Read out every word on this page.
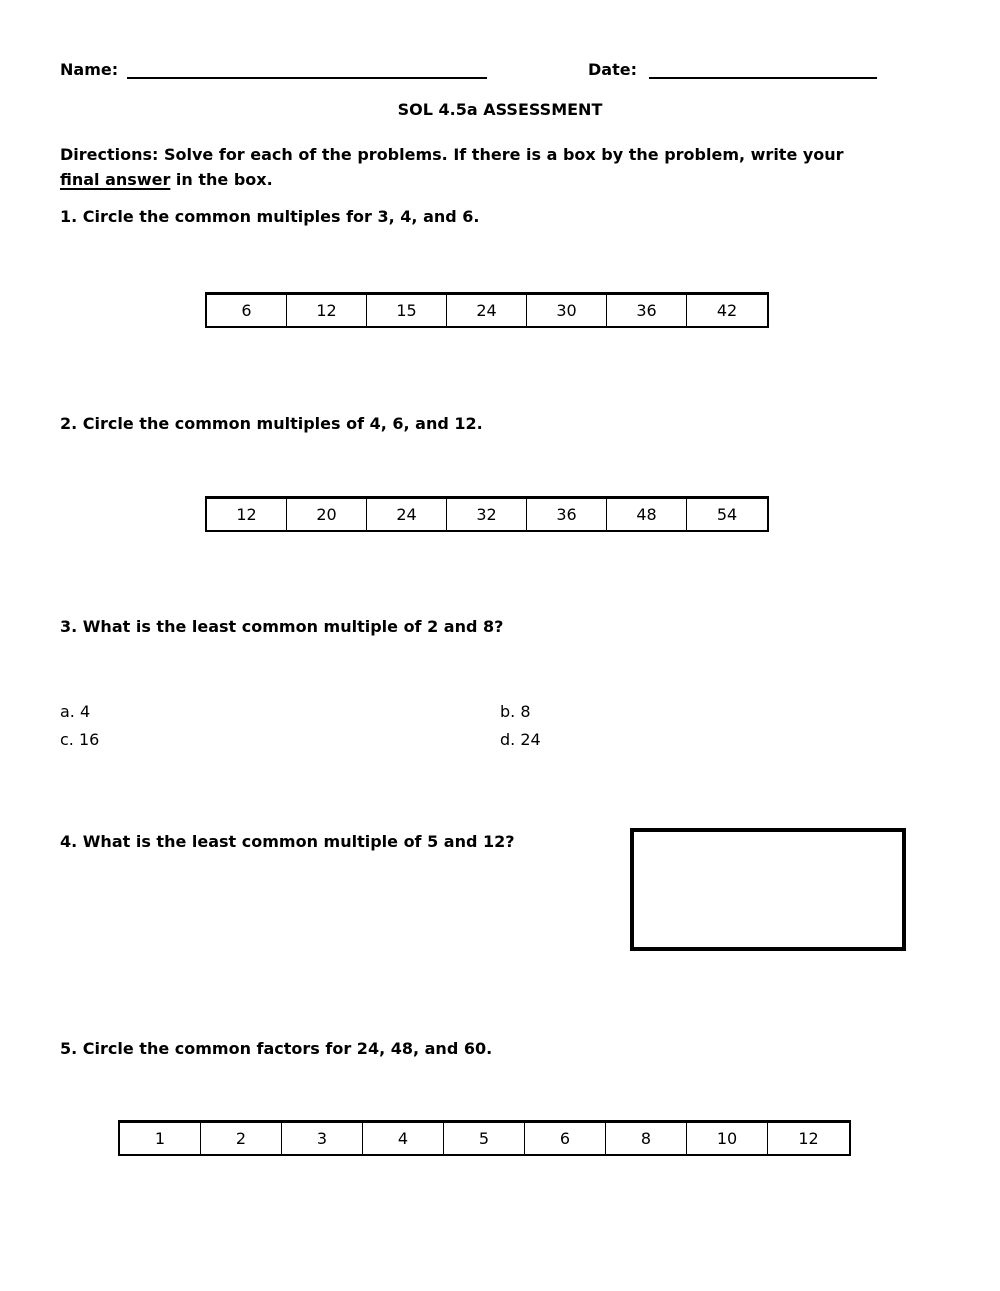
Name:	Date:
SOL 4.5a ASSESSMENT
Directions: Solve for each of the problems. If there is a box by the problem, write your
final answer in the box.
1. Circle the common multiples for 3, 4, and 6.
6	12	15	24	30	36	42
2. Circle the common multiples of 4, 6, and 12.
12	20	24	32	36	48	54
3. What is the least common multiple of 2 and 8?
a. 4	b. 8
c. 16	d. 24
4. What is the least common multiple of 5 and 12?
5. Circle the common factors for 24, 48, and 60.
1	2	3	4	5	6	8	10	12
